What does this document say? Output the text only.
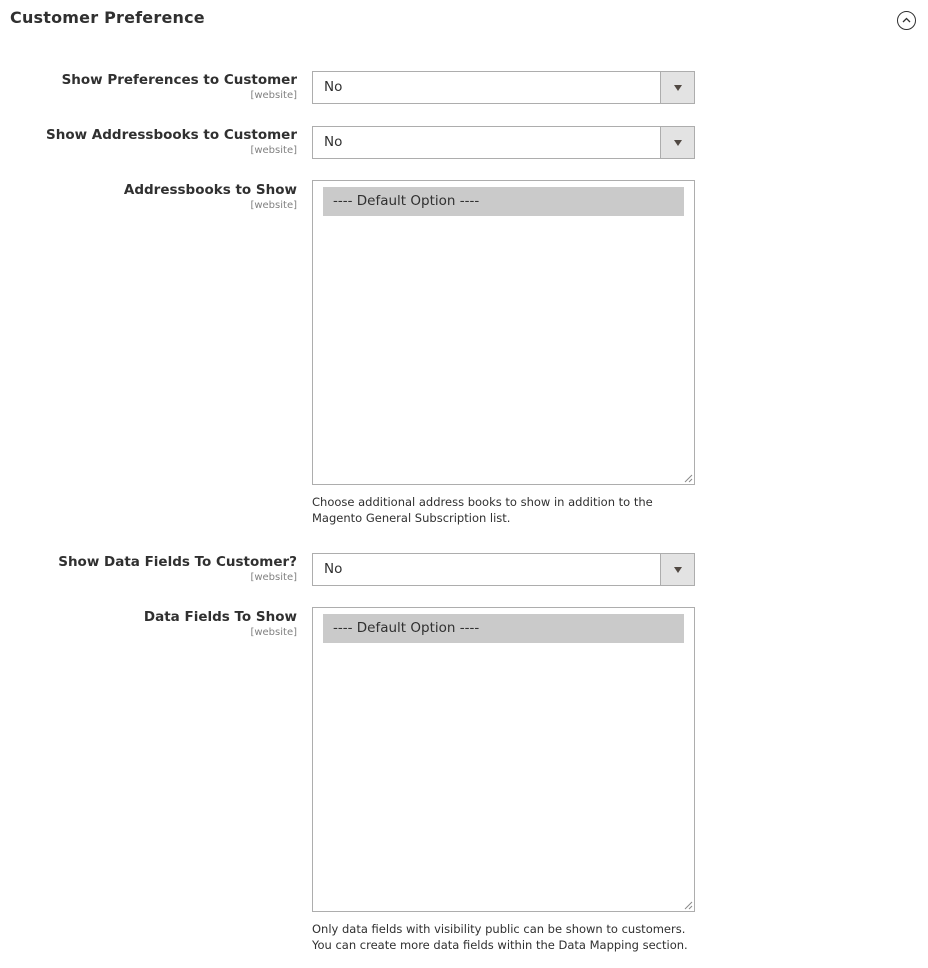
Customer Preference
Show Preferences to Customer
[website]
No
Show Addressbooks to Customer
[website]
No
Addressbooks to Show
[website]	---- Default Option ----
Choose additional address books to show in addition to the Magento General Subscription list.
Show Data Fields To Customer?
[website]
No
Data Fields To Show
[website]	---- Default Option ----
Only data fields with visibility public can be shown to customers. You can create more data fields within the Data Mapping section.
